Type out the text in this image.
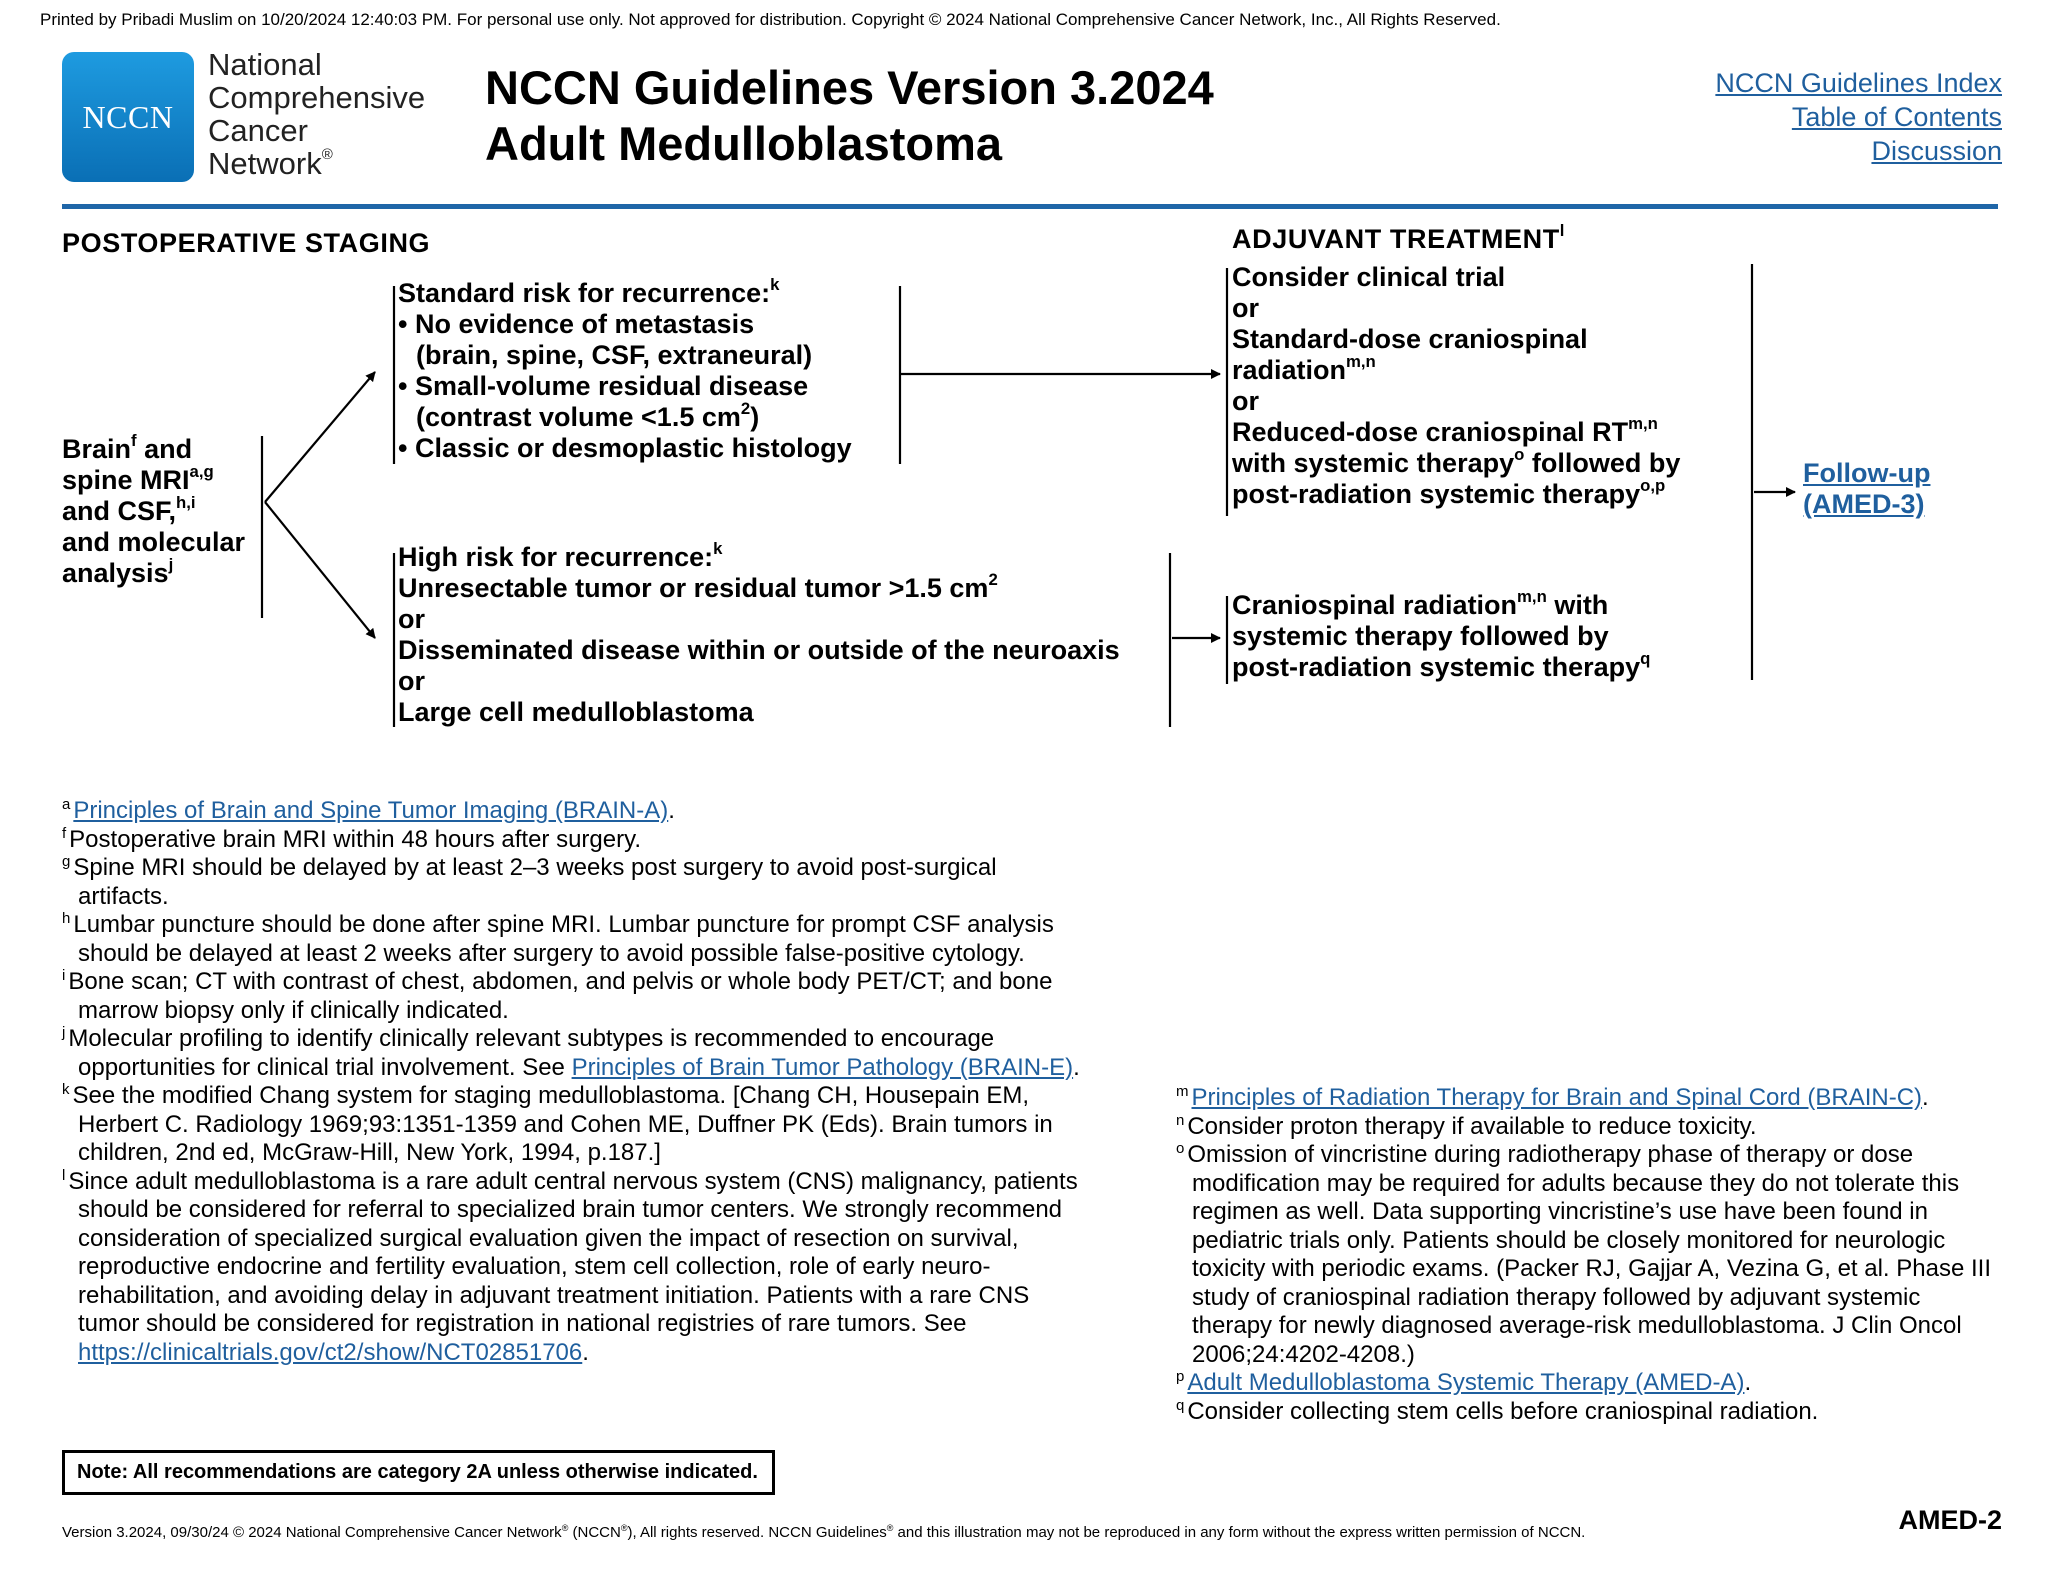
Printed by Pribadi Muslim on 10/20/2024 12:40:03 PM. For personal use only. Not approved for distribution. Copyright © 2024 National Comprehensive Cancer Network, Inc., All Rights Reserved.
NCCN
National
Comprehensive
Cancer
Network®
NCCN Guidelines Version 3.2024
Adult Medulloblastoma
NCCN Guidelines Index
Table of Contents
Discussion
POSTOPERATIVE STAGING	ADJUVANT TREATMENT$^l$
Brain$^f$ and
spine MRI$^{a,g}$
and CSF,$^{h,i}$
and molecular
analysis$^j$
Standard risk for recurrence:$^k$
• No evidence of metastasis
(brain, spine, CSF, extraneural)
• Small-volume residual disease
(contrast volume <1.5 $cm^2$)
• Classic or desmoplastic histology
High risk for recurrence:$^k$
Unresectable tumor or residual tumor >1.5 $cm^2$
or
Disseminated disease within or outside of the neuroaxis
or
Large cell medulloblastoma
Consider clinical trial
or
Standard-dose craniospinal
radiation$^{m,n}$
or
Reduced-dose craniospinal RT$^{m,n}$
with systemic therapy$^o$ followed by
post-radiation systemic therapy$^{o,p}$
Craniospinal radiation$^{m,n}$ with
systemic therapy followed by
post-radiation systemic therapy$^q$
Follow-up
(AMED-3)

$^a$ Principles of Brain and Spine Tumor Imaging (BRAIN-A).

$^f$ Postoperative brain MRI within 48 hours after surgery.

$^g$ Spine MRI should be delayed by at least 2–3 weeks post surgery to avoid post-surgical artifacts.

$^h$ Lumbar puncture should be done after spine MRI. Lumbar puncture for prompt CSF analysis should be delayed at least 2 weeks after surgery to avoid possible false-positive cytology.

$^i$ Bone scan; CT with contrast of chest, abdomen, and pelvis or whole body PET/CT; and bone marrow biopsy only if clinically indicated.

$^j$ Molecular profiling to identify clinically relevant subtypes is recommended to encourage opportunities for clinical trial involvement. See Principles of Brain Tumor Pathology (BRAIN-E).

$^k$ See the modified Chang system for staging medulloblastoma. [Chang CH, Housepain EM, Herbert C. Radiology 1969;93:1351-1359 and Cohen ME, Duffner PK (Eds). Brain tumors in children, 2nd ed, McGraw-Hill, New York, 1994, p.187.]

$^l$ Since adult medulloblastoma is a rare adult central nervous system (CNS) malignancy, patients should be considered for referral to specialized brain tumor centers. We strongly recommend consideration of specialized surgical evaluation given the impact of resection on survival, reproductive endocrine and fertility evaluation, stem cell collection, role of early neuro-rehabilitation, and avoiding delay in adjuvant treatment initiation. Patients with a rare CNS tumor should be considered for registration in national registries of rare tumors. See https://clinicaltrials.gov/ct2/show/NCT02851706.

$^m$ Principles of Radiation Therapy for Brain and Spinal Cord (BRAIN-C).

$^n$ Consider proton therapy if available to reduce toxicity.

$^o$ Omission of vincristine during radiotherapy phase of therapy or dose modification may be required for adults because they do not tolerate this regimen as well. Data supporting vincristine’s use have been found in pediatric trials only. Patients should be closely monitored for neurologic toxicity with periodic exams. (Packer RJ, Gajjar A, Vezina G, et al. Phase III study of craniospinal radiation therapy followed by adjuvant systemic therapy for newly diagnosed average-risk medulloblastoma. J Clin Oncol 2006;24:4202-4208.)

$^p$ Adult Medulloblastoma Systemic Therapy (AMED-A).

$^q$ Consider collecting stem cells before craniospinal radiation.

Note: All recommendations are category 2A unless otherwise indicated.
Version 3.2024, 09/30/24 © 2024 National Comprehensive Cancer Network® (NCCN®), All rights reserved. NCCN Guidelines® and this illustration may not be reproduced in any form without the express written permission of NCCN.	AMED-2
